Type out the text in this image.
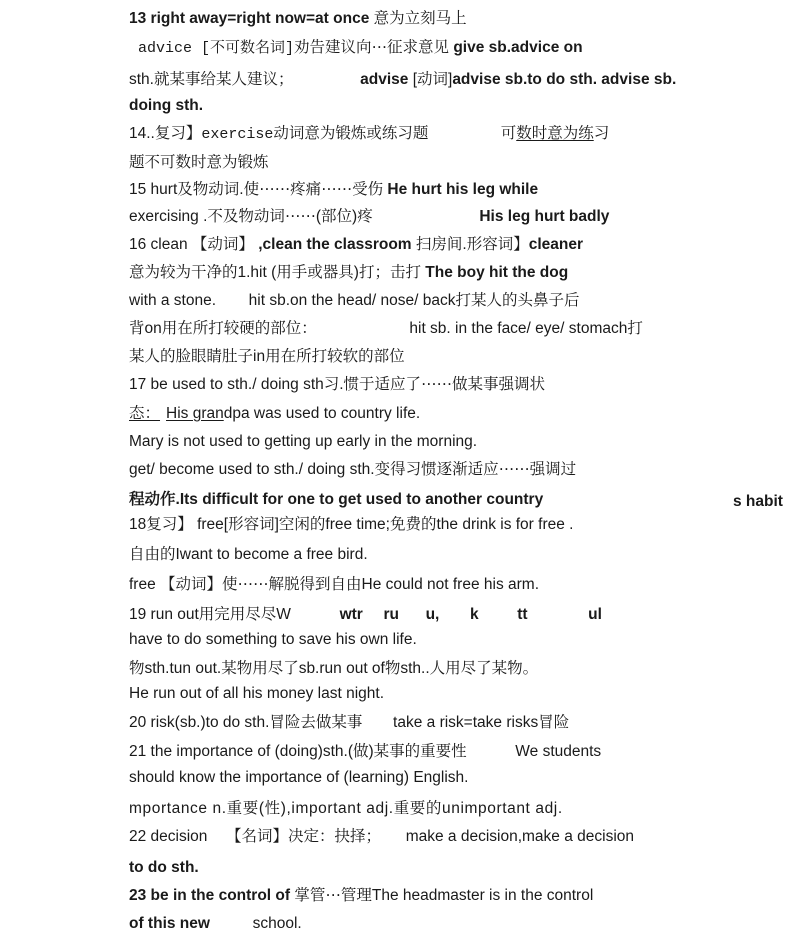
13 right away=right now=at once 意为立刻马上
advice [不可数名词]劝告建议向⋯征求意见 give sb.advice on
sth.就某事给某人建议；	advise [动词]advise sb.to do sth. advise sb.
doing sth.
14..复习】exercise动词意为锻炼或练习题	可数时意为练习
题不可数时意为锻炼
15 hurt及物动词.使⋯⋯疼痛⋯⋯受伤 He hurt his leg while
exercising .不及物动词⋯⋯(部位)疼	His leg hurt badly
16 clean 【动词】 ,clean the classroom 扫房间.形容词】cleaner
意为较为干净的1.hit (用手或器具)打；击打 The boy hit the dog
with a stone. hit sb.on the head/ nose/ back打某人的头鼻子后
背on用在所打较硬的部位：	hit sb. in the face/ eye/ stomach打
某人的脸眼睛肚子in用在所打较软的部位
17 be used to sth./ doing sth习.惯于适应了⋯⋯做某事强调状
态： His grandpa was used to country life.
Mary is not used to getting up early in the morning.
get/ become used to sth./ doing sth.变得习惯逐渐适应⋯⋯强调过
程动作.Its difficult for one to get used to another country	s habit
18复习】 free[形容词]空闲的free time;免费的the drink is for free .
自由的Iwant to become a free bird.
free 【动词】使⋯⋯解脱得到自由He could not free his arm.
19 run out用完用尽尽W	wtr ru u, k tt	ul
have to do something to save his own life.
物sth.tun out.某物用尽了sb.run out of物sth..人用尽了某物。
He run out of all his money last night.
20 risk(sb.)to do sth.冒险去做某事 take a risk=take risks冒险
21 the importance of (doing)sth.(做)某事的重要性	We students
should know the importance of (learning) English.
mportance n.重要(性),important adj.重要的unimportant adj.
22 decision 【名词】决定：抉择； make a decision,make a decision
to do sth.
23 be in the control of 掌管⋯管理The headmaster is in the control
of this new	school.
